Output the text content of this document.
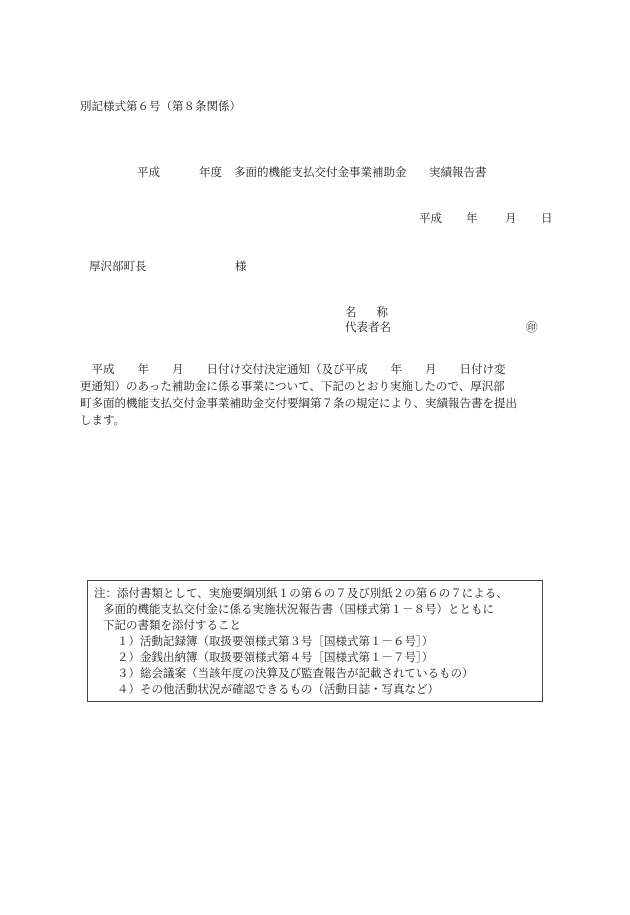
別記様式第６号（第８条関係）
平成	年度 多面的機能支払交付金事業補助金 実績報告書
平成 年 月 日
厚沢部町長	様
名 称
代表者名	㊞
　平成　　年　　月　　日付け交付決定通知（及び平成　　年　　月　　日付け変
更通知）のあった補助金に係る事業について、下記のとおり実施したので、厚沢部
町多面的機能支払交付金事業補助金交付要綱第７条の規定により、実績報告書を提出
します。
注：添付書類として、実施要綱別紙１の第６の７及び別紙２の第６の７による、
多面的機能支払交付金に係る実施状況報告書（国様式第１－８号）とともに
下記の書類を添付すること
１）活動記録簿（取扱要領様式第３号［国様式第１－６号］）
２）金銭出納簿（取扱要領様式第４号［国様式第１－７号］）
３）総会議案（当該年度の決算及び監査報告が記載されているもの）
４）その他活動状況が確認できるもの（活動日誌・写真など）
